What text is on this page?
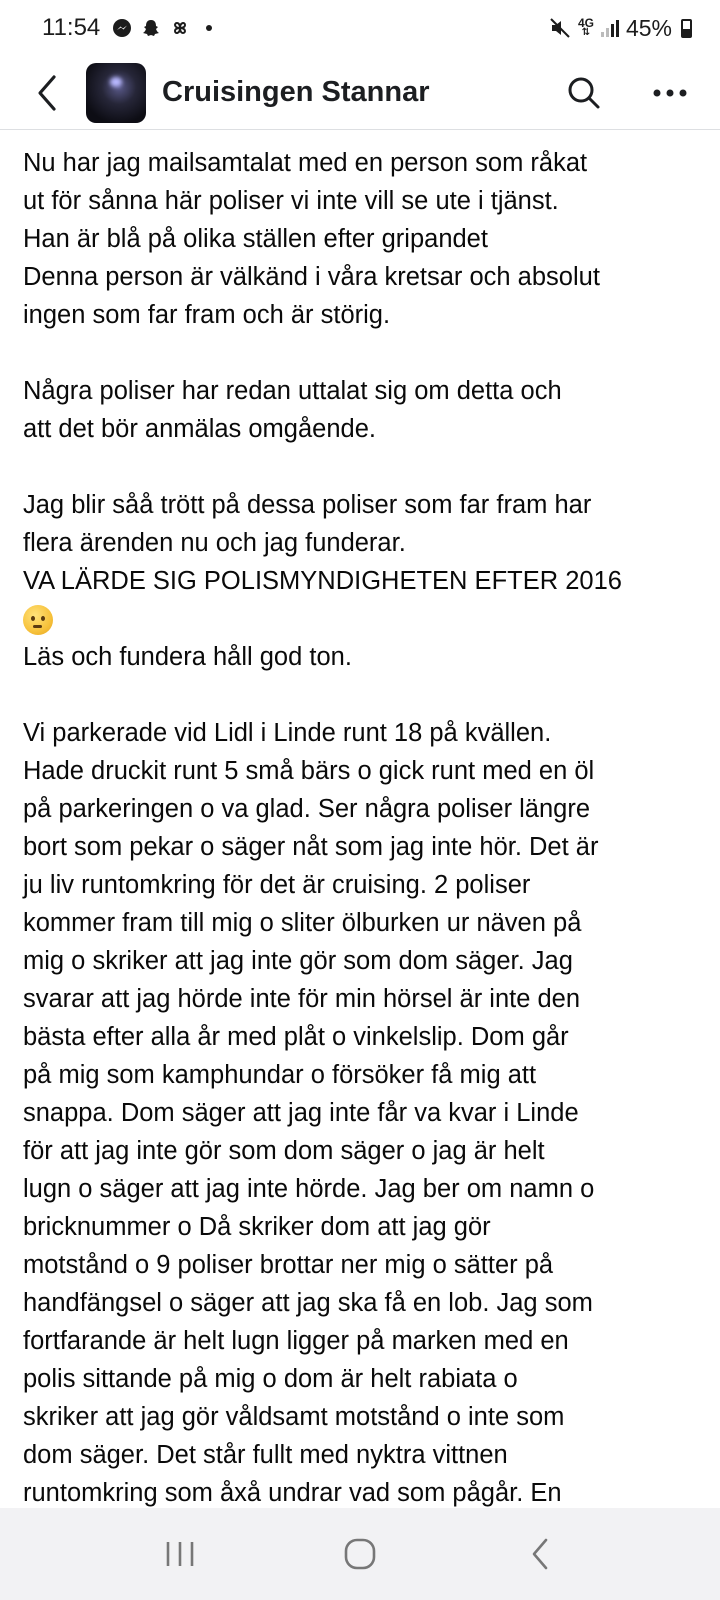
11:54	4G
⇅ 45%
Cruisingen Stannar

Nu har jag mailsamtalat med en person som råkat
ut för sånna här poliser vi inte vill se ute i tjänst.
Han är blå på olika ställen efter gripandet
Denna person är välkänd i våra kretsar och absolut
ingen som far fram och är störig.

Några poliser har redan uttalat sig om detta och
att det bör anmälas omgående.

Jag blir såå trött på dessa poliser som far fram har
flera ärenden nu och jag funderar.
VA LÄRDE SIG POLISMYNDIGHETEN EFTER 2016
Läs och fundera håll god ton.

Vi parkerade vid Lidl i Linde runt 18 på kvällen.
Hade druckit runt 5 små bärs o gick runt med en öl
på parkeringen o va glad. Ser några poliser längre
bort som pekar o säger nåt som jag inte hör. Det är
ju liv runtomkring för det är cruising. 2 poliser
kommer fram till mig o sliter ölburken ur näven på
mig o skriker att jag inte gör som dom säger. Jag
svarar att jag hörde inte för min hörsel är inte den
bästa efter alla år med plåt o vinkelslip. Dom går
på mig som kamphundar o försöker få mig att
snappa. Dom säger att jag inte får va kvar i Linde
för att jag inte gör som dom säger o jag är helt
lugn o säger att jag inte hörde. Jag ber om namn o
bricknummer o Då skriker dom att jag gör
motstånd o 9 poliser brottar ner mig o sätter på
handfängsel o säger att jag ska få en lob. Jag som
fortfarande är helt lugn ligger på marken med en
polis sittande på mig o dom är helt rabiata o
skriker att jag gör våldsamt motstånd o inte som
dom säger. Det står fullt med nyktra vittnen
runtomkring som åxå undrar vad som pågår. En
